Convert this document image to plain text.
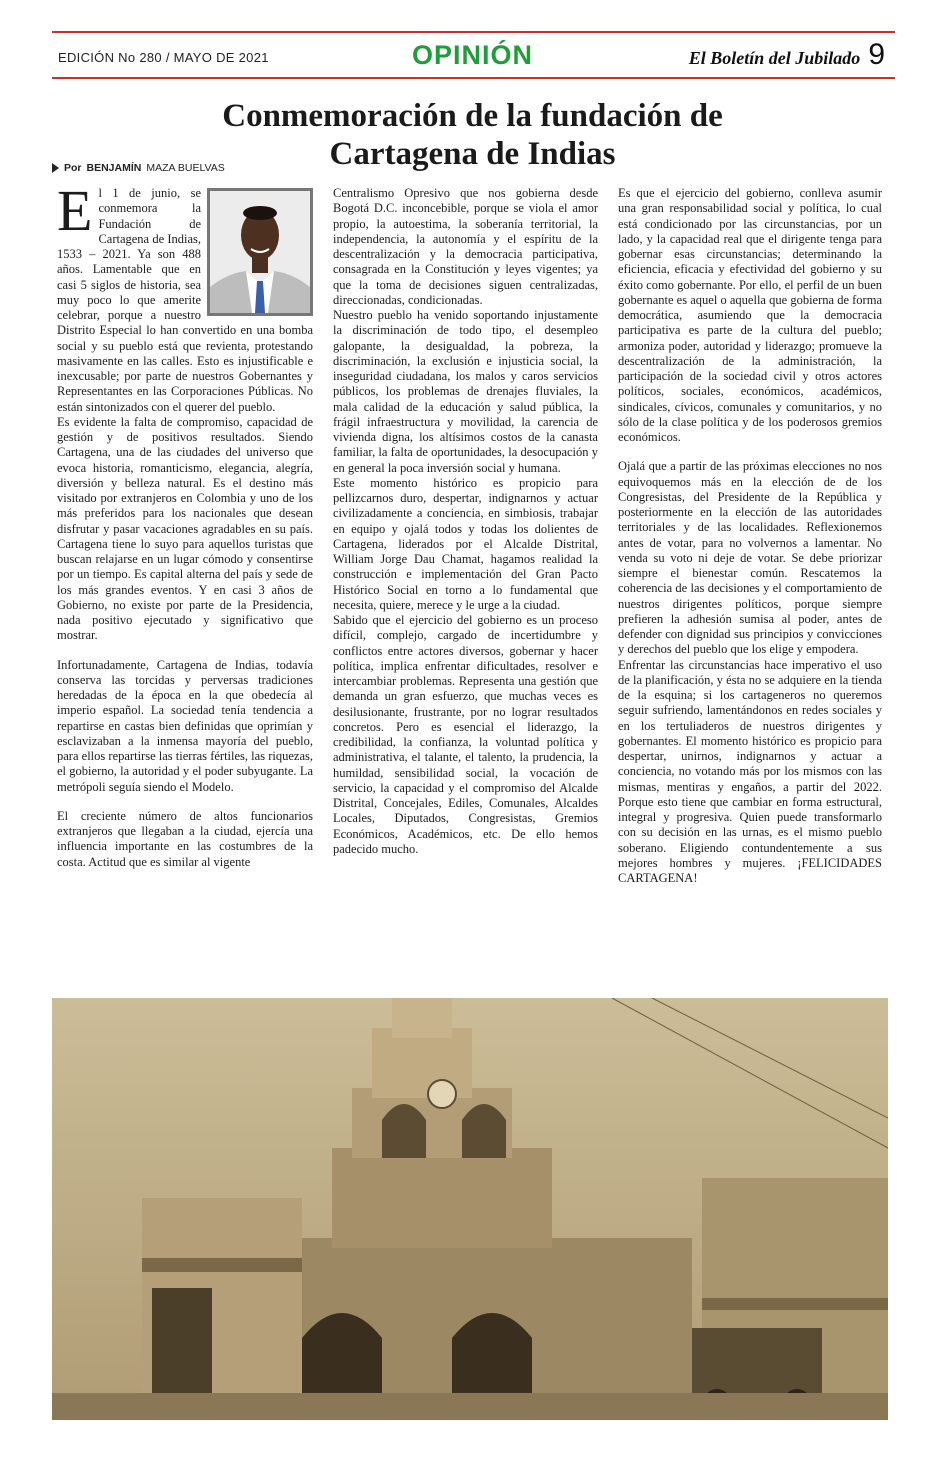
EDICIÓN No 280 / MAYO DE 2021	OPINIÓN	El Boletín del Jubilado 9
Conmemoración de la fundación de
Cartagena de Indias
Por BENJAMÍN MAZA BUELVAS

E l 1 de junio, se conmemora la Fundación de Cartagena de Indias, 1533 – 2021. Ya son 488 años. Lamentable que en casi 5 siglos de historia, sea muy poco lo que amerite celebrar, porque a nuestro Distrito Especial lo han convertido en una bomba social y su pueblo está que revienta, protestando masivamente en las calles. Esto es injustificable e inexcusable; por parte de nuestros Gobernantes y Representantes en las Corporaciones Públicas. No están sintonizados con el querer del pueblo.

Es evidente la falta de compromiso, capacidad de gestión y de positivos resultados. Siendo Cartagena, una de las ciudades del universo que evoca historia, romanticismo, elegancia, alegría, diversión y belleza natural. Es el destino más visitado por extranjeros en Colombia y uno de los más preferidos para los nacionales que desean disfrutar y pasar vacaciones agradables en su país. Cartagena tiene lo suyo para aquellos turistas que buscan relajarse en un lugar cómodo y consentirse por un tiempo. Es capital alterna del país y sede de los más grandes eventos. Y en casi 3 años de Gobierno, no existe por parte de la Presidencia, nada positivo ejecutado y significativo que mostrar.

Infortunadamente, Cartagena de Indias, todavía conserva las torcidas y perversas tradiciones heredadas de la época en la que obedecía al imperio español. La sociedad tenía tendencia a repartirse en castas bien definidas que oprimían y esclavizaban a la inmensa mayoría del pueblo, para ellos repartirse las tierras fértiles, las riquezas, el gobierno, la autoridad y el poder subyugante. La metrópoli seguía siendo el Modelo.

El creciente número de altos funcionarios extranjeros que llegaban a la ciudad, ejercía una influencia importante en las costumbres de la costa. Actitud que es similar al vigente

Centralismo Opresivo que nos gobierna desde Bogotá D.C. inconcebible, porque se viola el amor propio, la autoestima, la soberanía territorial, la independencia, la autonomía y el espíritu de la descentralización y la democracia participativa, consagrada en la Constitución y leyes vigentes; ya que la toma de decisiones siguen centralizadas, direccionadas, condicionadas.

Nuestro pueblo ha venido soportando injustamente la discriminación de todo tipo, el desempleo galopante, la desigualdad, la pobreza, la discriminación, la exclusión e injusticia social, la inseguridad ciudadana, los malos y caros servicios públicos, los problemas de drenajes fluviales, la mala calidad de la educación y salud pública, la frágil infraestructura y movilidad, la carencia de vivienda digna, los altísimos costos de la canasta familiar, la falta de oportunidades, la desocupación y en general la poca inversión social y humana.

Este momento histórico es propicio para pellizcarnos duro, despertar, indignarnos y actuar civilizadamente a conciencia, en simbiosis, trabajar en equipo y ojalá todos y todas los dolientes de Cartagena, liderados por el Alcalde Distrital, William Jorge Dau Chamat, hagamos realidad la construcción e implementación del Gran Pacto Histórico Social en torno a lo fundamental que necesita, quiere, merece y le urge a la ciudad.

Sabido que el ejercicio del gobierno es un proceso difícil, complejo, cargado de incertidumbre y conflictos entre actores diversos, gobernar y hacer política, implica enfrentar dificultades, resolver e intercambiar problemas. Representa una gestión que demanda un gran esfuerzo, que muchas veces es desilusionante, frustrante, por no lograr resultados concretos. Pero es esencial el liderazgo, la credibilidad, la confianza, la voluntad política y administrativa, el talante, el talento, la prudencia, la humildad, sensibilidad social, la vocación de servicio, la capacidad y el compromiso del Alcalde Distrital, Concejales, Ediles, Comunales, Alcaldes Locales, Diputados, Congresistas, Gremios Económicos, Académicos, etc. De ello hemos padecido mucho.

Es que el ejercicio del gobierno, conlleva asumir una gran responsabilidad social y política, lo cual está condicionado por las circunstancias, por un lado, y la capacidad real que el dirigente tenga para gobernar esas circunstancias; determinando la eficiencia, eficacia y efectividad del gobierno y su éxito como gobernante. Por ello, el perfil de un buen gobernante es aquel o aquella que gobierna de forma democrática, asumiendo que la democracia participativa es parte de la cultura del pueblo; armoniza poder, autoridad y liderazgo; promueve la descentralización de la administración, la participación de la sociedad civil y otros actores políticos, sociales, económicos, académicos, sindicales, cívicos, comunales y comunitarios, y no sólo de la clase política y de los poderosos gremios económicos.

Ojalá que a partir de las próximas elecciones no nos equivoquemos más en la elección de de los Congresistas, del Presidente de la República y posteriormente en la elección de las autoridades territoriales y de las localidades. Reflexionemos antes de votar, para no volvernos a lamentar. No venda su voto ni deje de votar. Se debe priorizar siempre el bienestar común. Rescatemos la coherencia de las decisiones y el comportamiento de nuestros dirigentes políticos, porque siempre prefieren la adhesión sumisa al poder, antes de defender con dignidad sus principios y convicciones y derechos del pueblo que los elige y empodera.

Enfrentar las circunstancias hace imperativo el uso de la planificación, y ésta no se adquiere en la tienda de la esquina; si los cartageneros no queremos seguir sufriendo, lamentándonos en redes sociales y en los tertuliaderos de nuestros dirigentes y gobernantes. El momento histórico es propicio para despertar, unirnos, indignarnos y actuar a conciencia, no votando más por los mismos con las mismas, mentiras y engaños, a partir del 2022. Porque esto tiene que cambiar en forma estructural, integral y progresiva. Quien puede transformarlo con su decisión en las urnas, es el mismo pueblo soberano. Eligiendo contundentemente a sus mejores hombres y mujeres. ¡FELICIDADES CARTAGENA!
